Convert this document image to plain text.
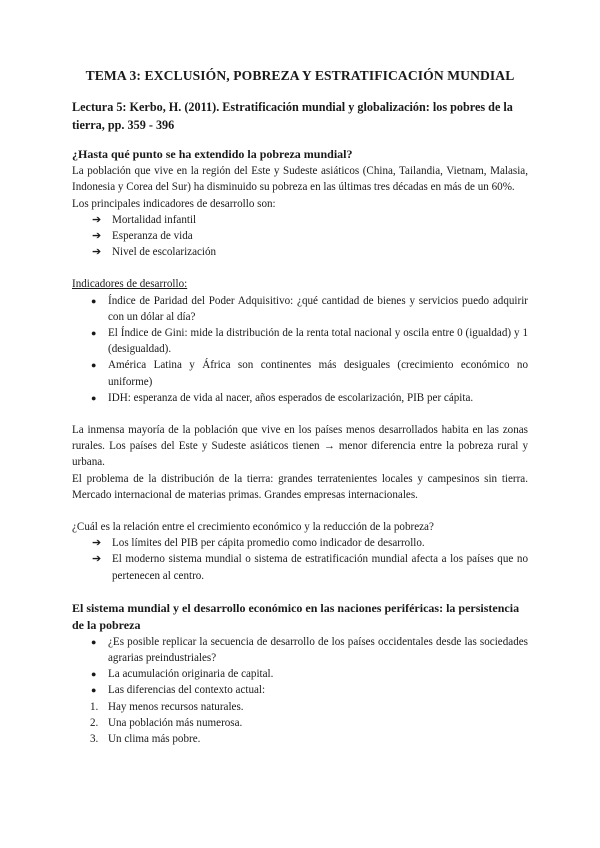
TEMA 3: EXCLUSIÓN, POBREZA Y ESTRATIFICACIÓN MUNDIAL
Lectura 5: Kerbo, H. (2011). Estratificación mundial y globalización: los pobres de la tierra, pp. 359 - 396
¿Hasta qué punto se ha extendido la pobreza mundial?

La población que vive en la región del Este y Sudeste asiáticos (China, Tailandia, Vietnam, Malasia, Indonesia y Corea del Sur) ha disminuido su pobreza en las últimas tres décadas en más de un 60%.

Los principales indicadores de desarrollo son:

➔ Mortalidad infantil
➔ Esperanza de vida
➔ Nivel de escolarización

Indicadores de desarrollo:

● Índice de Paridad del Poder Adquisitivo: ¿qué cantidad de bienes y servicios puedo adquirir con un dólar al día?
● El Índice de Gini: mide la distribución de la renta total nacional y oscila entre 0 (igualdad) y 1 (desigualdad).
● América Latina y África son continentes más desiguales (crecimiento económico no uniforme)
● IDH: esperanza de vida al nacer, años esperados de escolarización, PIB per cápita.

La inmensa mayoría de la población que vive en los países menos desarrollados habita en las zonas rurales. Los países del Este y Sudeste asiáticos tienen → menor diferencia entre la pobreza rural y urbana.

El problema de la distribución de la tierra: grandes terratenientes locales y campesinos sin tierra. Mercado internacional de materias primas. Grandes empresas internacionales.

¿Cuál es la relación entre el crecimiento económico y la reducción de la pobreza?

➔ Los límites del PIB per cápita promedio como indicador de desarrollo.
➔ El moderno sistema mundial o sistema de estratificación mundial afecta a los países que no pertenecen al centro.
El sistema mundial y el desarrollo económico en las naciones periféricas: la persistencia de la pobreza
● ¿Es posible replicar la secuencia de desarrollo de los países occidentales desde las sociedades agrarias preindustriales?
● La acumulación originaria de capital.
● Las diferencias del contexto actual:
1. Hay menos recursos naturales.
2. Una población más numerosa.
3. Un clima más pobre.
